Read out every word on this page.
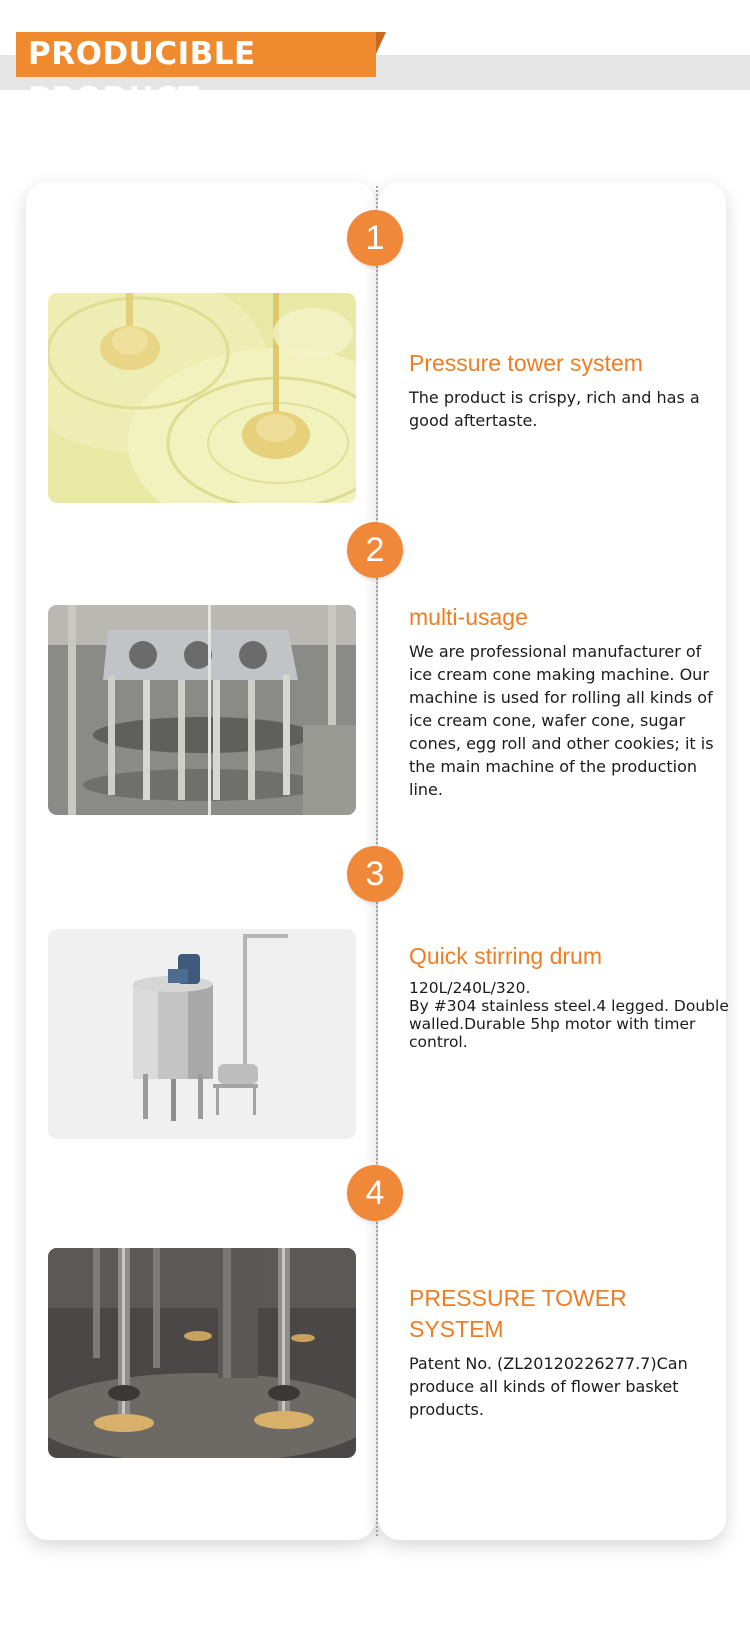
PRODUCIBLE PRODUCT
1
Pressure tower system
The product is crispy, rich and has a good aftertaste.
2
multi-usage
We are professional manufacturer of ice cream cone making machine. Our machine is used for rolling all kinds of ice cream cone, wafer cone, sugar cones, egg roll and other cookies; it is the main machine of the production line.
3
Quick stirring drum
120L/240L/320.
By #304 stainless steel.4 legged. Double walled.Durable 5hp motor with timer control.
4
PRESSURE TOWER SYSTEM
Patent No. (ZL20120226277.7)Can produce all kinds of flower basket products.
